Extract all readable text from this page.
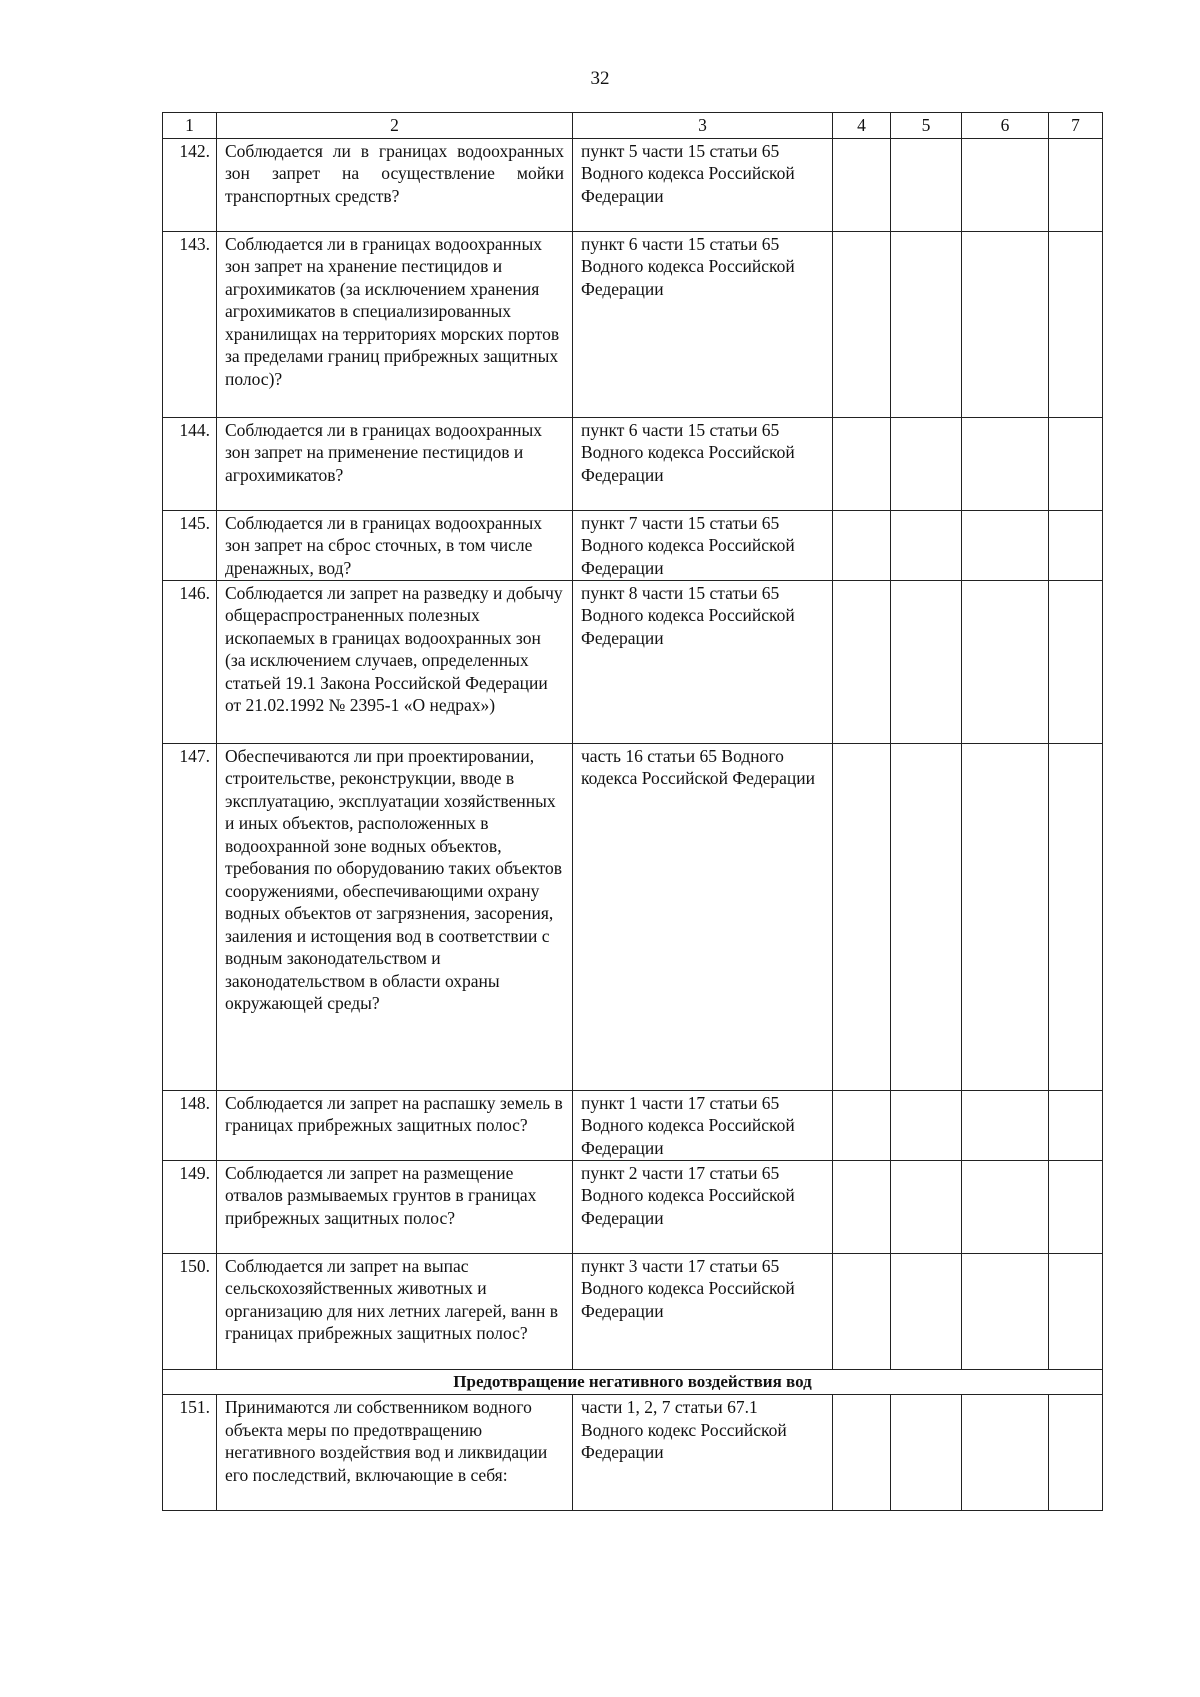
32
1	2	3	4	5	6	7
142.	Соблюдается ли в границах водоохранных зон запрет на осуществление мойки транспортных средств?	пункт 5 части 15 статьи 65 Водного кодекса Российской Федерации				
143.	Соблюдается ли в границах водоохранных зон запрет на хранение пестицидов и агрохимикатов (за исключением хранения агрохимикатов в специализированных хранилищах на территориях морских портов за пределами границ прибрежных защитных полос)?	пункт 6 части 15 статьи 65 Водного кодекса Российской Федерации				
144.	Соблюдается ли в границах водоохранных зон запрет на применение пестицидов и агрохимикатов?	пункт 6 части 15 статьи 65 Водного кодекса Российской Федерации				
145.	Соблюдается ли в границах водоохранных зон запрет на сброс сточных, в том числе дренажных, вод?	пункт 7 части 15 статьи 65 Водного кодекса Российской Федерации				
146.	Соблюдается ли запрет на разведку и добычу общераспространенных полезных ископаемых в границах водоохранных зон (за исключением случаев, определенных статьей 19.1 Закона Российской Федерации от 21.02.1992 № 2395-1 «О недрах»)	пункт 8 части 15 статьи 65 Водного кодекса Российской Федерации				
147.	Обеспечиваются ли при проектировании, строительстве, реконструкции, вводе в эксплуатацию, эксплуатации хозяйственных и иных объектов, расположенных в водоохранной зоне водных объектов, требования по оборудованию таких объектов сооружениями, обеспечивающими охрану водных объектов от загрязнения, засорения, заиления и истощения вод в соответствии с водным законодательством и законодательством в области охраны окружающей среды?	часть 16 статьи 65 Водного кодекса Российской Федерации				
148.	Соблюдается ли запрет на распашку земель в границах прибрежных защитных полос?	пункт 1 части 17 статьи 65 Водного кодекса Российской Федерации				
149.	Соблюдается ли запрет на размещение отвалов размываемых грунтов в границах прибрежных защитных полос?	пункт 2 части 17 статьи 65 Водного кодекса Российской Федерации				
150.	Соблюдается ли запрет на выпас сельскохозяйственных животных и организацию для них летних лагерей, ванн в границах прибрежных защитных полос?	пункт 3 части 17 статьи 65 Водного кодекса Российской Федерации				
Предотвращение негативного воздействия вод						
151.	Принимаются ли собственником водного объекта меры по предотвращению негативного воздействия вод и ликвидации его последствий, включающие в себя:	части 1, 2, 7 статьи 67.1 Водного кодекс Российской Федерации				
